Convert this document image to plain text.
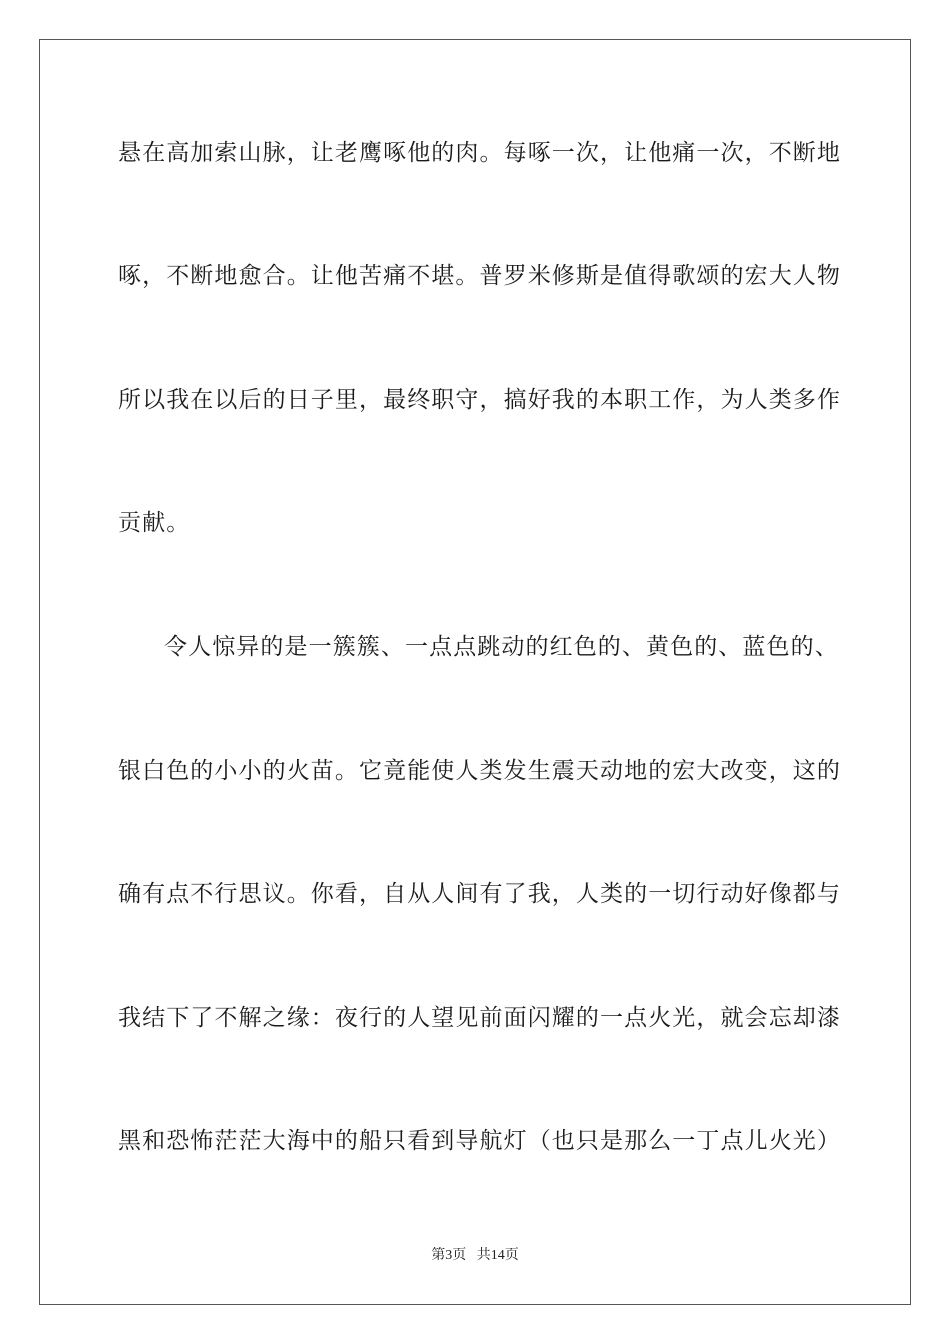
悬在高加索山脉，让老鹰啄他的肉。每啄一次，让他痛一次，不断地
啄，不断地愈合。让他苦痛不堪。普罗米修斯是值得歌颂的宏大人物
所以我在以后的日子里，最终职守，搞好我的本职工作，为人类多作
贡献。
令人惊异的是一簇簇、一点点跳动的红色的、黄色的、蓝色的、
银白色的小小的火苗。它竟能使人类发生震天动地的宏大改变，这的
确有点不行思议。你看，自从人间有了我，人类的一切行动好像都与
我结下了不解之缘：夜行的人望见前面闪耀的一点火光，就会忘却漆
黑和恐怖茫茫大海中的船只看到导航灯（也只是那么一丁点儿火光）
第3页 共14页
